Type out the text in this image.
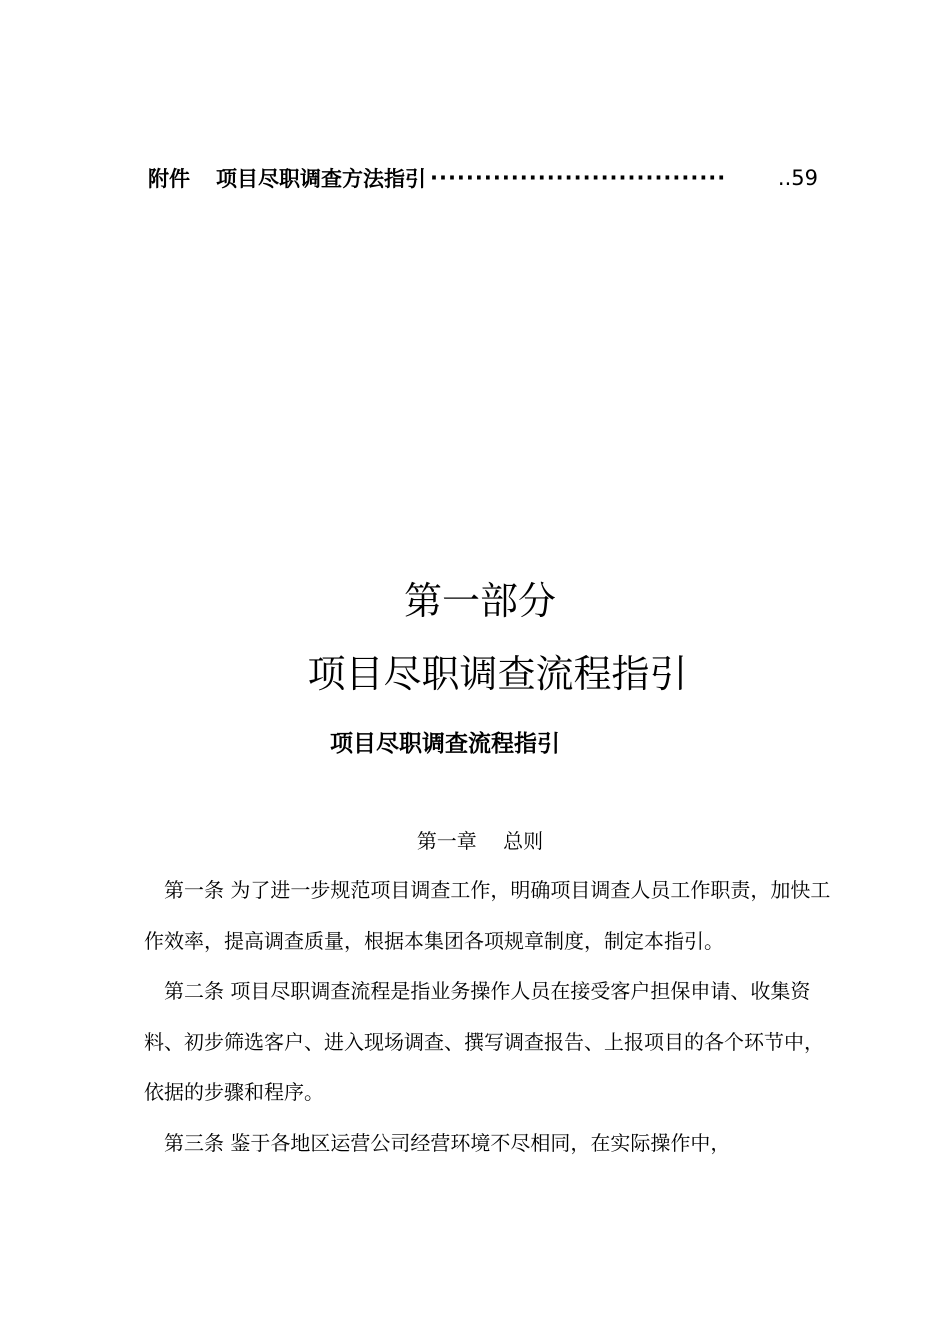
附件 项目尽职调查方法指引 ·································	..59
第一部分
项目尽职调查流程指引
项目尽职调查流程指引
第一章 总则

第一条 为了进一步规范项目调查工作，明确项目调查人员工作职责，加快工作效率，提高调查质量，根据本集团各项规章制度，制定本指引。

第二条 项目尽职调查流程是指业务操作人员在接受客户担保申请、收集资料、初步筛选客户、进入现场调查、撰写调查报告、上报项目的各个环节中，依据的步骤和程序。

第三条 鉴于各地区运营公司经营环境不尽相同，在实际操作中，
